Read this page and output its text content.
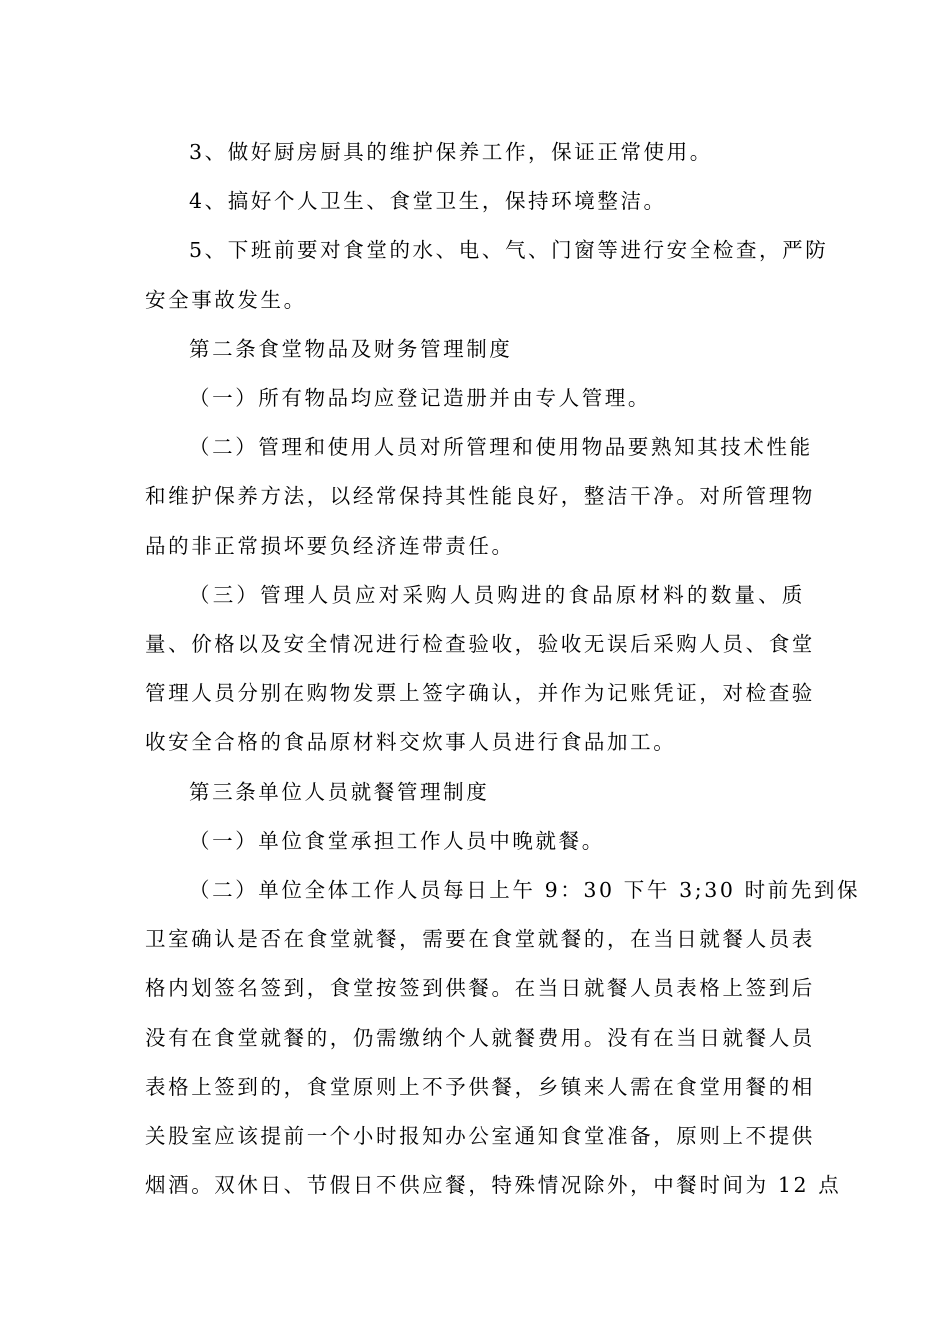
3、做好厨房厨具的维护保养工作，保证正常使用。
4、搞好个人卫生、食堂卫生，保持环境整洁。
5、下班前要对食堂的水、电、气、门窗等进行安全检查，严防
安全事故发生。
第二条食堂物品及财务管理制度
（一）所有物品均应登记造册并由专人管理。
（二）管理和使用人员对所管理和使用物品要熟知其技术性能
和维护保养方法，以经常保持其性能良好，整洁干净。对所管理物
品的非正常损坏要负经济连带责任。
（三）管理人员应对采购人员购进的食品原材料的数量、质
量、价格以及安全情况进行检查验收，验收无误后采购人员、食堂
管理人员分别在购物发票上签字确认，并作为记账凭证，对检查验
收安全合格的食品原材料交炊事人员进行食品加工。
第三条单位人员就餐管理制度
（一）单位食堂承担工作人员中晚就餐。
（二）单位全体工作人员每日上午 9：30 下午 3;30 时前先到保
卫室确认是否在食堂就餐，需要在食堂就餐的，在当日就餐人员表
格内划签名签到，食堂按签到供餐。在当日就餐人员表格上签到后
没有在食堂就餐的，仍需缴纳个人就餐费用。没有在当日就餐人员
表格上签到的，食堂原则上不予供餐，乡镇来人需在食堂用餐的相
关股室应该提前一个小时报知办公室通知食堂准备，原则上不提供
烟酒。双休日、节假日不供应餐，特殊情况除外，中餐时间为 12 点
